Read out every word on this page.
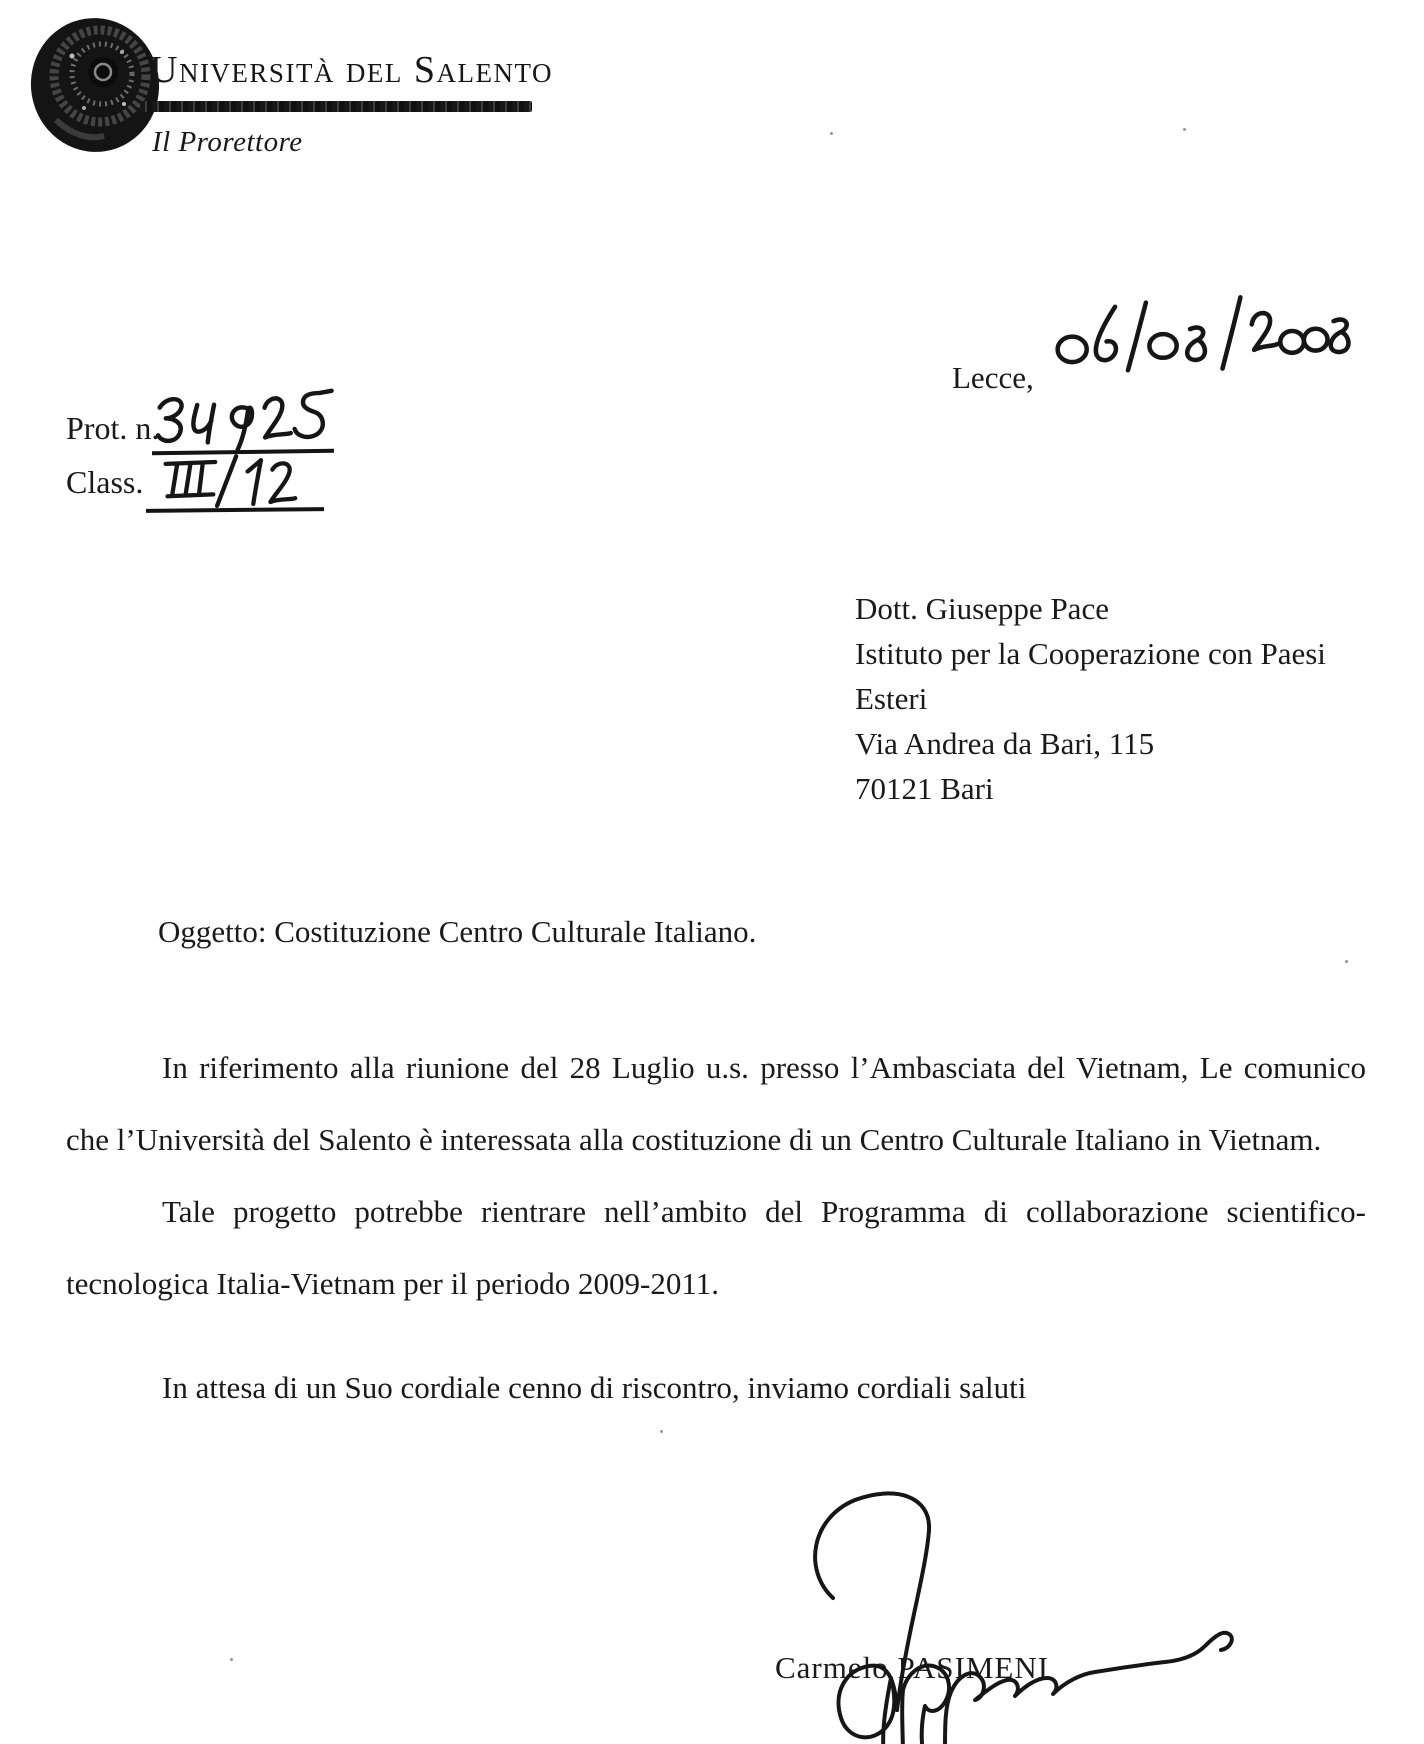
Università del Salento
Il Prorettore
Lecce,
Prot. n.
Class.
Dott. Giuseppe Pace
Istituto per la Cooperazione con Paesi
Esteri
Via Andrea da Bari, 115
70121 Bari
Oggetto: Costituzione Centro Culturale Italiano.

In riferimento alla riunione del 28 Luglio u.s. presso l’Ambasciata del Vietnam, Le comunico che l’Università del Salento è interessata alla costituzione di un Centro Culturale Italiano in Vietnam.

Tale progetto potrebbe rientrare nell’ambito del Programma di collaborazione scientifico-tecnologica Italia-Vietnam per il periodo 2009-2011.

In attesa di un Suo cordiale cenno di riscontro, inviamo cordiali saluti

Carmelo PASIMENI
